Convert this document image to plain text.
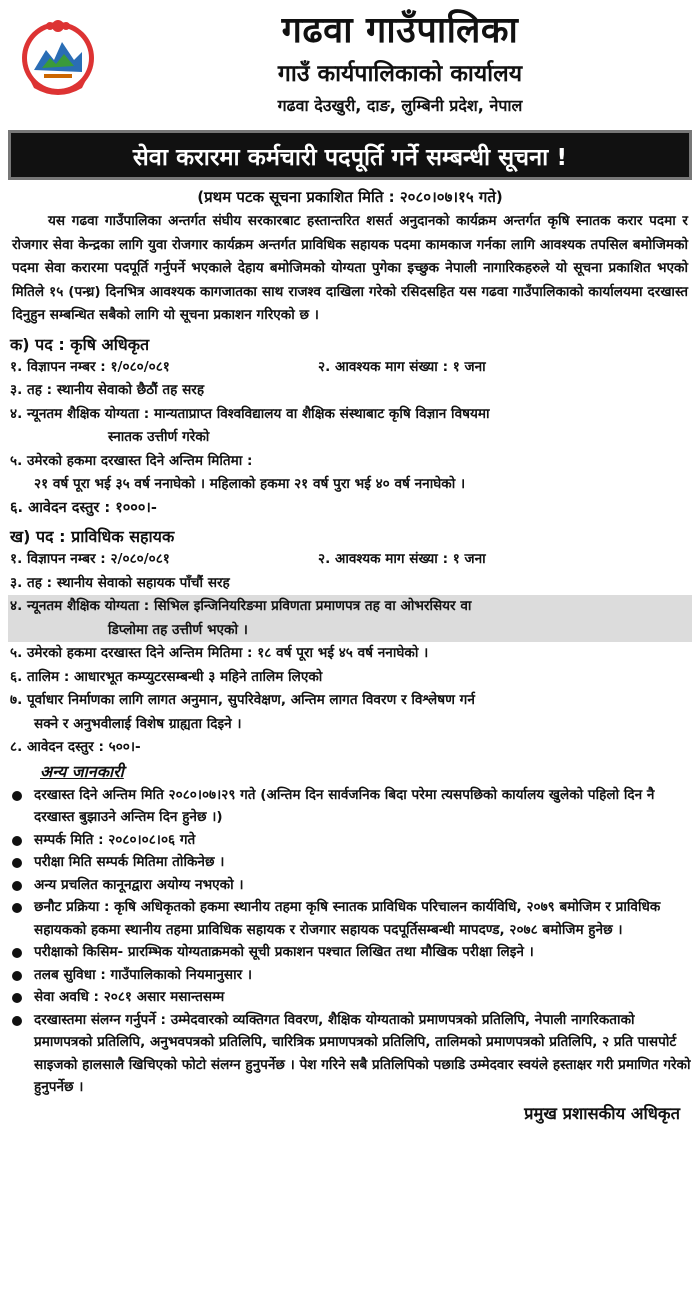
गढवा गाउँपालिका
गाउँ कार्यपालिकाको कार्यालय
गढवा देउखुरी, दाङ, लुम्बिनी प्रदेश, नेपाल
सेवा करारमा कर्मचारी पदपूर्ति गर्ने सम्बन्धी सूचना !
(प्रथम पटक सूचना प्रकाशित मिति : २०८०।०७।१५ गते)
यस गढवा गाउँपालिका अन्तर्गत संघीय सरकारबाट हस्तान्तरित शसर्त अनुदानको कार्यक्रम अन्तर्गत कृषि स्नातक करार पदमा र रोजगार सेवा केन्द्रका लागि युवा रोजगार कार्यक्रम अन्तर्गत प्राविधिक सहायक पदमा कामकाज गर्नका लागि आवश्यक तपसिल बमोजिमको पदमा सेवा करारमा पदपूर्ति गर्नुपर्ने भएकाले देहाय बमोजिमको योग्यता पुगेका इच्छुक नेपाली नागारिकहरुले यो सूचना प्रकाशित भएको मितिले १५ (पन्ध्र) दिनभित्र आवश्यक कागजातका साथ राजश्व दाखिला गरेको रसिदसहित यस गढवा गाउँपालिकाको कार्यालयमा दरखास्त दिनुहुन सम्बन्धित सबैको लागि यो सूचना प्रकाशन गरिएको छ ।
क) पद : कृषि अधिकृत
१. विज्ञापन नम्बर : १/०८०/०८१	२. आवश्यक माग संख्या : १ जना
३. तह : स्थानीय सेवाको छैठौं तह सरह
४. न्यूनतम शैक्षिक योग्यता : मान्यताप्राप्त विश्वविद्यालय वा शैक्षिक संस्थाबाट कृषि विज्ञान विषयमा
स्नातक उत्तीर्ण गरेको
५. उमेरको हकमा दरखास्त दिने अन्तिम मितिमा :
२१ वर्ष पूरा भई ३५ वर्ष ननाघेको । महिलाको हकमा २१ वर्ष पुरा भई ४० वर्ष ननाघेको ।
६. आवेदन दस्तुर : १०००।-
ख) पद : प्राविधिक सहायक
१. विज्ञापन नम्बर : २/०८०/०८१	२. आवश्यक माग संख्या : १ जना
३. तह : स्थानीय सेवाको सहायक पाँचौं सरह
४. न्यूनतम शैक्षिक योग्यता : सिभिल इन्जिनियरिङमा प्रविणता प्रमाणपत्र तह वा ओभरसियर वा
डिप्लोमा तह उत्तीर्ण भएको ।
५. उमेरको हकमा दरखास्त दिने अन्तिम मितिमा : १८ वर्ष पूरा भई ४५ वर्ष ननाघेको ।
६. तालिम : आधारभूत कम्प्युटरसम्बन्धी ३ महिने तालिम लिएको
७. पूर्वाधार निर्माणका लागि लागत अनुमान, सुपरिवेक्षण, अन्तिम लागत विवरण र विश्लेषण गर्न
सक्ने र अनुभवीलाई विशेष ग्राह्यता दिइने ।
८. आवेदन दस्तुर : ५००।-
अन्य जानकारी
दरखास्त दिने अन्तिम मिति २०८०।०७।२९ गते (अन्तिम दिन सार्वजनिक बिदा परेमा त्यसपछिको कार्यालय खुलेको पहिलो दिन नै दरखास्त बुझाउने अन्तिम दिन हुनेछ ।)
सम्पर्क मिति : २०८०।०८।०६ गते
परीक्षा मिति सम्पर्क मितिमा तोकिनेछ ।
अन्य प्रचलित कानूनद्वारा अयोग्य नभएको ।
छनौट प्रक्रिया : कृषि अधिकृतको हकमा स्थानीय तहमा कृषि स्नातक प्राविधिक परिचालन कार्यविधि, २०७९ बमोजिम र प्राविधिक सहायकको हकमा स्थानीय तहमा प्राविधिक सहायक र रोजगार सहायक पदपूर्तिसम्बन्धी मापदण्ड, २०७८ बमोजिम हुनेछ ।
परीक्षाको किसिम- प्रारम्भिक योग्यताक्रमको सूची प्रकाशन पश्चात लिखित तथा मौखिक परीक्षा लिइने ।
तलब सुविधा : गाउँपालिकाको नियमानुसार ।
सेवा अवधि : २०८१ असार मसान्तसम्म
दरखास्तमा संलग्न गर्नुपर्ने : उम्मेदवारको व्यक्तिगत विवरण, शैक्षिक योग्यताको प्रमाणपत्रको प्रतिलिपि, नेपाली नागरिकताको प्रमाणपत्रको प्रतिलिपि, अनुभवपत्रको प्रतिलिपि, चारित्रिक प्रमाणपत्रको प्रतिलिपि, तालिमको प्रमाणपत्रको प्रतिलिपि, २ प्रति पासपोर्ट साइजको हालसालै खिचिएको फोटो संलग्न हुनुपर्नेछ । पेश गरिने सबै प्रतिलिपिको पछाडि उम्मेदवार स्वयंले हस्ताक्षर गरी प्रमाणित गरेको हुनुपर्नेछ ।
प्रमुख प्रशासकीय अधिकृत
